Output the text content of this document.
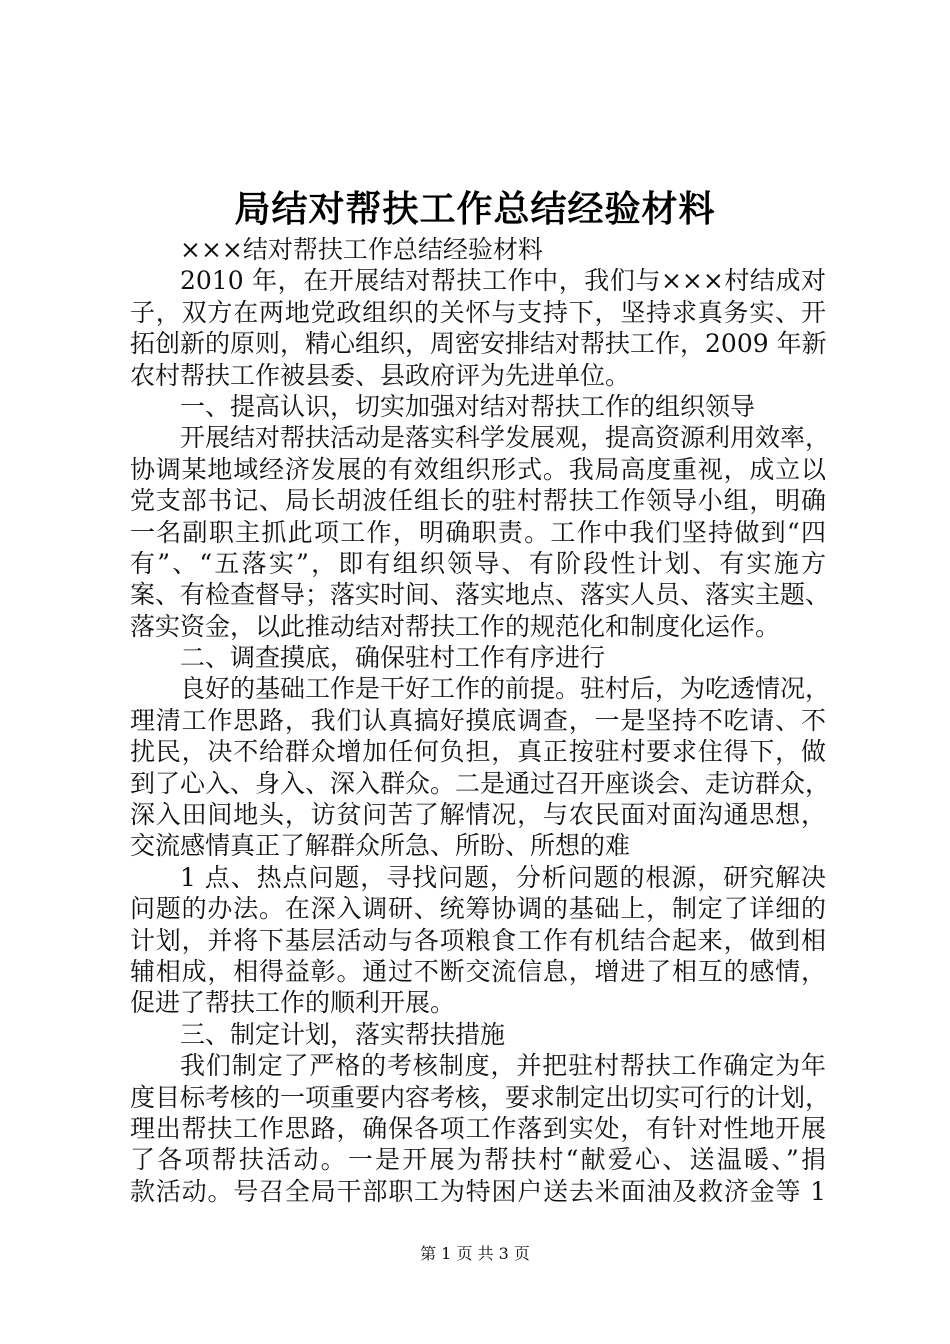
局结对帮扶工作总结经验材料
×××结对帮扶工作总结经验材料
2010 年，在开展结对帮扶工作中，我们与×××村结成对
子，双方在两地党政组织的关怀与支持下，坚持求真务实、开
拓创新的原则，精心组织，周密安排结对帮扶工作，2009 年新
农村帮扶工作被县委、县政府评为先进单位。
一、提高认识，切实加强对结对帮扶工作的组织领导
开展结对帮扶活动是落实科学发展观，提高资源利用效率，
协调某地域经济发展的有效组织形式。我局高度重视，成立以
党支部书记、局长胡波任组长的驻村帮扶工作领导小组，明确
一名副职主抓此项工作，明确职责。工作中我们坚持做到“四
有”、“五落实”，即有组织领导、有阶段性计划、有实施方
案、有检查督导；落实时间、落实地点、落实人员、落实主题、
落实资金，以此推动结对帮扶工作的规范化和制度化运作。
二、调查摸底，确保驻村工作有序进行
良好的基础工作是干好工作的前提。驻村后，为吃透情况，
理清工作思路，我们认真搞好摸底调查，一是坚持不吃请、不
扰民，决不给群众增加任何负担，真正按驻村要求住得下，做
到了心入、身入、深入群众。二是通过召开座谈会、走访群众，
深入田间地头，访贫问苦了解情况，与农民面对面沟通思想，
交流感情真正了解群众所急、所盼、所想的难
1 点、热点问题，寻找问题，分析问题的根源，研究解决
问题的办法。在深入调研、统筹协调的基础上，制定了详细的
计划，并将下基层活动与各项粮食工作有机结合起来，做到相
辅相成，相得益彰。通过不断交流信息，增进了相互的感情，
促进了帮扶工作的顺利开展。
三、制定计划，落实帮扶措施
我们制定了严格的考核制度，并把驻村帮扶工作确定为年
度目标考核的一项重要内容考核，要求制定出切实可行的计划，
理出帮扶工作思路，确保各项工作落到实处，有针对性地开展
了各项帮扶活动。一是开展为帮扶村“献爱心、送温暖、”捐
款活动。号召全局干部职工为特困户送去米面油及救济金等 1
第 1 页 共 3 页
